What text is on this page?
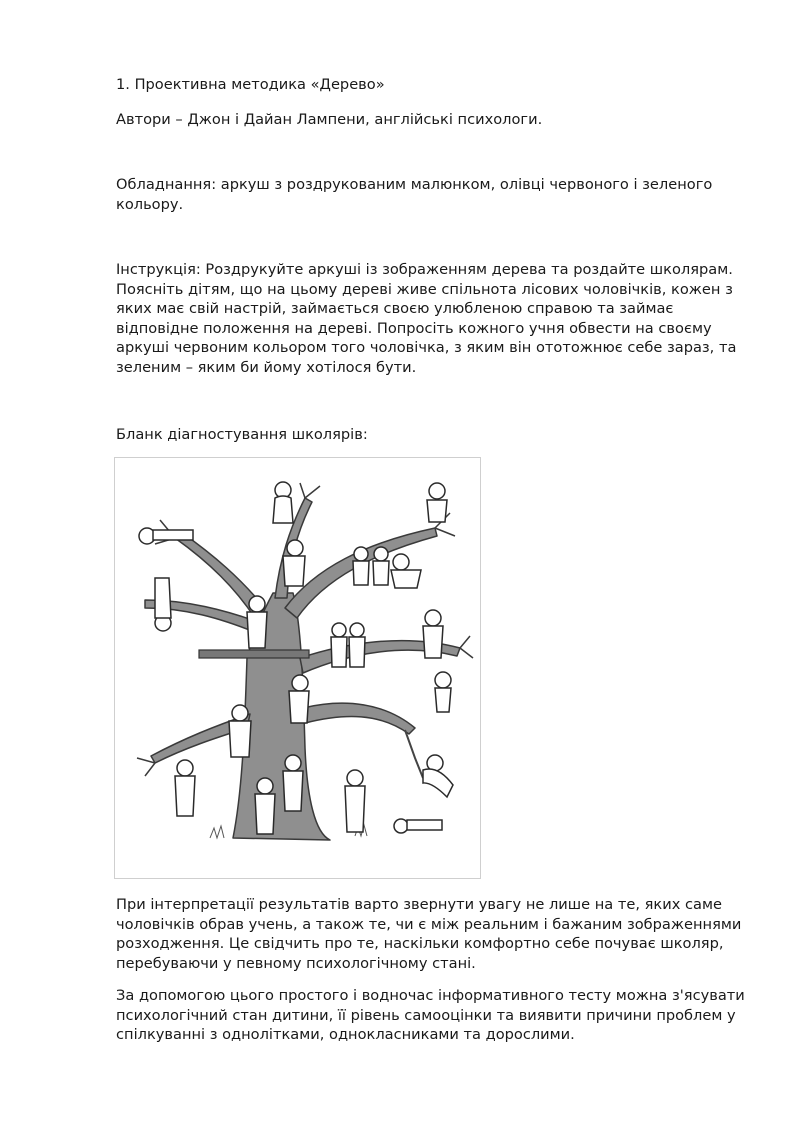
1. Проективна методика «Дерево»

Автори – Джон і Дайан Лампени, англійські психологи.

Обладнання: аркуш з роздрукованим малюнком, олівці червоного і зеленого кольору.

Інструкція: Роздрукуйте аркуші із зображенням дерева та роздайте школярам. Поясніть дітям, що на цьому дереві живе спільнота лісових чоловічків, кожен з яких має свій настрій, займається своєю улюбленою справою та займає відповідне положення на дереві. Попросіть кожного учня обвести на своєму аркуші червоним кольором того чоловічка, з яким він ототожнює себе зараз, та зеленим – яким би йому хотілося бути.

Бланк діагностування школярів:

При інтерпретації результатів варто звернути увагу не лише на те, яких саме чоловічків обрав учень, а також те, чи є між реальним і бажаним зображеннями розходження. Це свідчить про те, наскільки комфортно себе почуває школяр, перебуваючи у певному психологічному стані.

За допомогою цього простого і водночас інформативного тесту можна з'ясувати психологічний стан дитини, її рівень самооцінки та виявити причини проблем у спілкуванні з однолітками, однокласниками та дорослими.
